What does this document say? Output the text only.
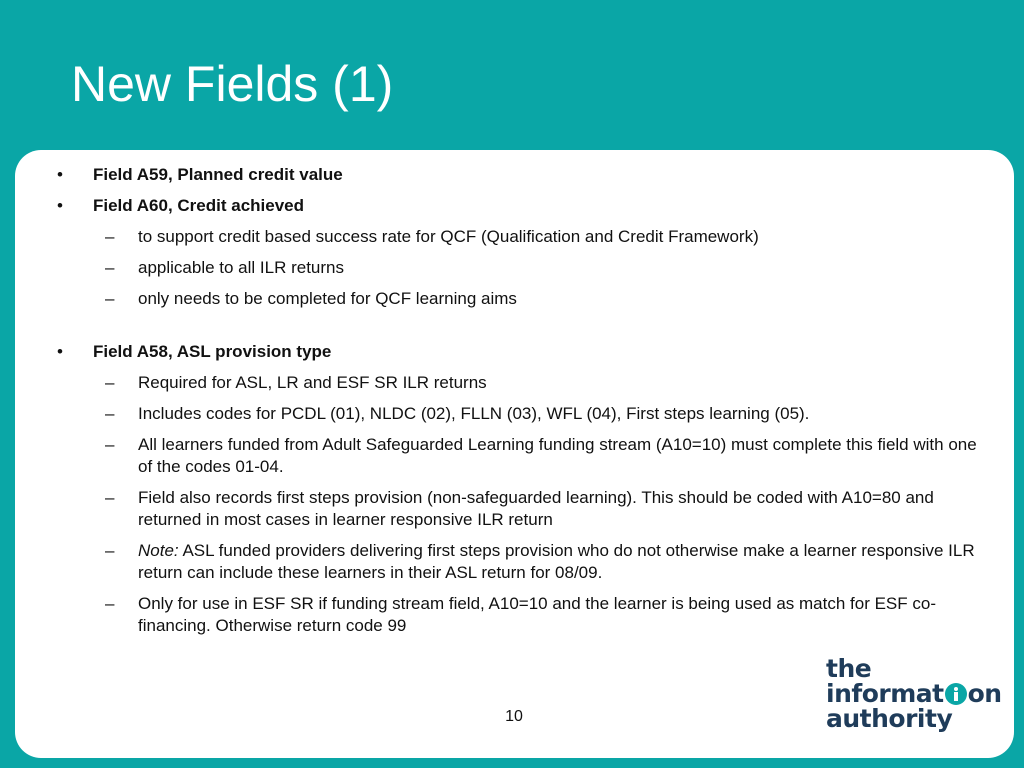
New Fields (1)
• Field A59, Planned credit value
• Field A60, Credit achieved
– to support credit based success rate for QCF (Qualification and Credit Framework)
– applicable to all ILR returns
– only needs to be completed for QCF learning aims
• Field A58, ASL provision type
– Required for ASL, LR and ESF SR ILR returns
– Includes codes for PCDL (01), NLDC (02), FLLN (03), WFL (04), First steps learning (05).
– All learners funded from Adult Safeguarded Learning funding stream (A10=10) must complete this field with one of the codes 01-04.
– Field also records first steps provision (non-safeguarded learning). This should be coded with A10=80 and returned in most cases in learner responsive ILR return
– Note: ASL funded providers delivering first steps provision who do not otherwise make a learner responsive ILR return can include these learners in their ASL return for 08/09.
– Only for use in ESF SR if funding stream field, A10=10 and the learner is being used as match for ESF co-financing. Otherwise return code 99
10
the
informat on
authority
